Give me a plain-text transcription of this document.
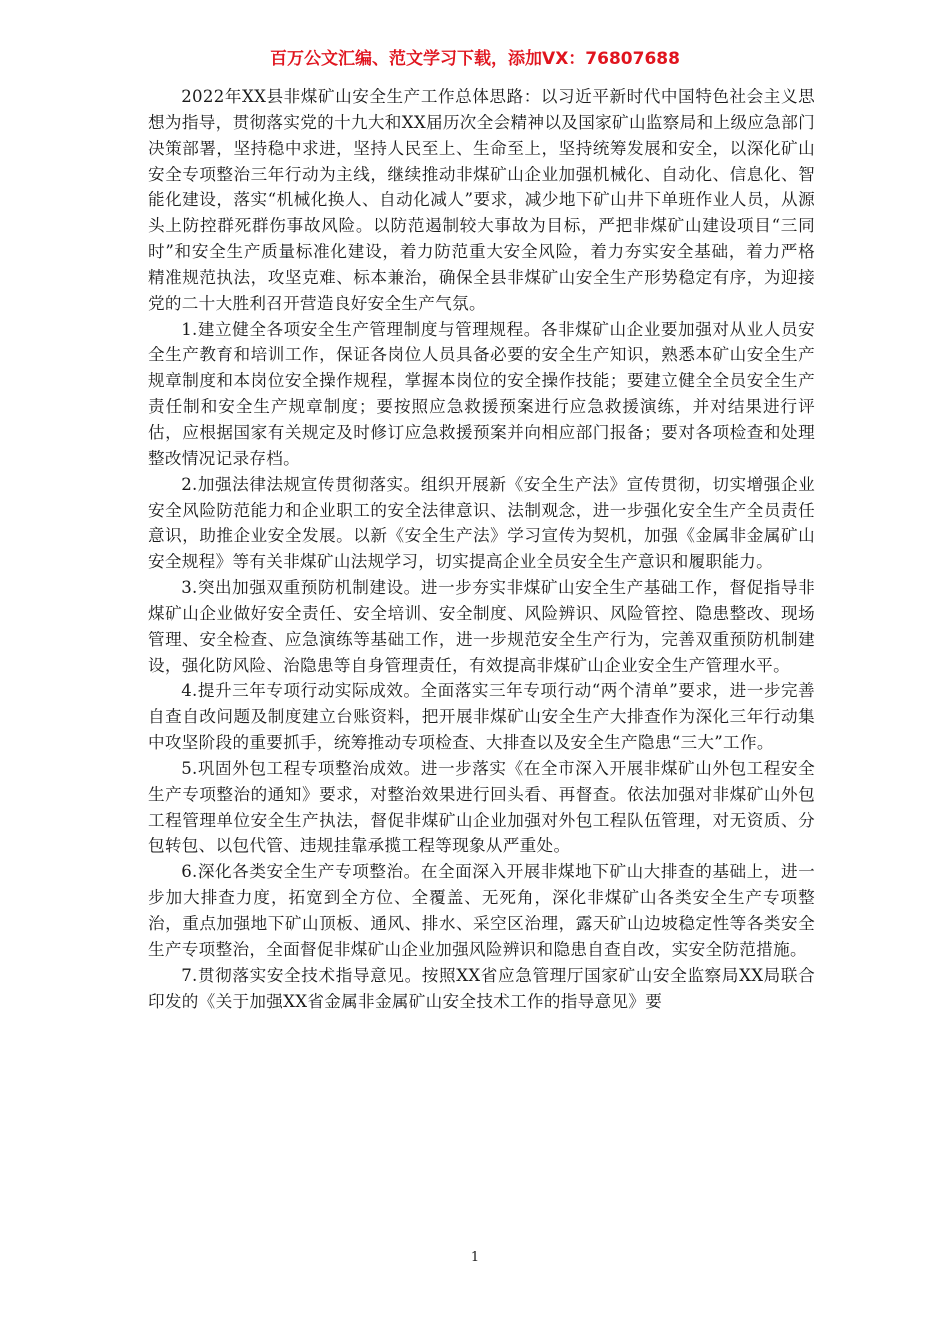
百万公文汇编、范文学习下载，添加VX：76807688

2022年XX县非煤矿山安全生产工作总体思路：以习近平新时代中国特色社会主义思想为指导，贯彻落实党的十九大和XX届历次全会精神以及国家矿山监察局和上级应急部门决策部署，坚持稳中求进，坚持人民至上、生命至上，坚持统筹发展和安全，以深化矿山安全专项整治三年行动为主线，继续推动非煤矿山企业加强机械化、自动化、信息化、智能化建设，落实“机械化换人、自动化减人”要求，减少地下矿山井下单班作业人员，从源头上防控群死群伤事故风险。以防范遏制较大事故为目标，严把非煤矿山建设项目“三同时”和安全生产质量标准化建设，着力防范重大安全风险，着力夯实安全基础，着力严格精准规范执法，攻坚克难、标本兼治，确保全县非煤矿山安全生产形势稳定有序，为迎接党的二十大胜利召开营造良好安全生产气氛。

1.建立健全各项安全生产管理制度与管理规程。各非煤矿山企业要加强对从业人员安全生产教育和培训工作，保证各岗位人员具备必要的安全生产知识，熟悉本矿山安全生产规章制度和本岗位安全操作规程，掌握本岗位的安全操作技能；要建立健全全员安全生产责任制和安全生产规章制度；要按照应急救援预案进行应急救援演练，并对结果进行评估，应根据国家有关规定及时修订应急救援预案并向相应部门报备；要对各项检查和处理整改情况记录存档。

2.加强法律法规宣传贯彻落实。组织开展新《安全生产法》宣传贯彻，切实增强企业安全风险防范能力和企业职工的安全法律意识、法制观念，进一步强化安全生产全员责任意识，助推企业安全发展。以新《安全生产法》学习宣传为契机，加强《金属非金属矿山安全规程》等有关非煤矿山法规学习，切实提高企业全员安全生产意识和履职能力。

3.突出加强双重预防机制建设。进一步夯实非煤矿山安全生产基础工作，督促指导非煤矿山企业做好安全责任、安全培训、安全制度、风险辨识、风险管控、隐患整改、现场管理、安全检查、应急演练等基础工作，进一步规范安全生产行为，完善双重预防机制建设，强化防风险、治隐患等自身管理责任，有效提高非煤矿山企业安全生产管理水平。

4.提升三年专项行动实际成效。全面落实三年专项行动“两个清单”要求，进一步完善自查自改问题及制度建立台账资料，把开展非煤矿山安全生产大排查作为深化三年行动集中攻坚阶段的重要抓手，统筹推动专项检查、大排查以及安全生产隐患“三大”工作。

5.巩固外包工程专项整治成效。进一步落实《在全市深入开展非煤矿山外包工程安全生产专项整治的通知》要求，对整治效果进行回头看、再督查。依法加强对非煤矿山外包工程管理单位安全生产执法，督促非煤矿山企业加强对外包工程队伍管理，对无资质、分包转包、以包代管、违规挂靠承揽工程等现象从严重处。

6.深化各类安全生产专项整治。在全面深入开展非煤地下矿山大排查的基础上，进一步加大排查力度，拓宽到全方位、全覆盖、无死角，深化非煤矿山各类安全生产专项整治，重点加强地下矿山顶板、通风、排水、采空区治理，露天矿山边坡稳定性等各类安全生产专项整治，全面督促非煤矿山企业加强风险辨识和隐患自查自改，实安全防范措施。

7.贯彻落实安全技术指导意见。按照XX省应急管理厅国家矿山安全监察局XX局联合印发的《关于加强XX省金属非金属矿山安全技术工作的指导意见》要

1
